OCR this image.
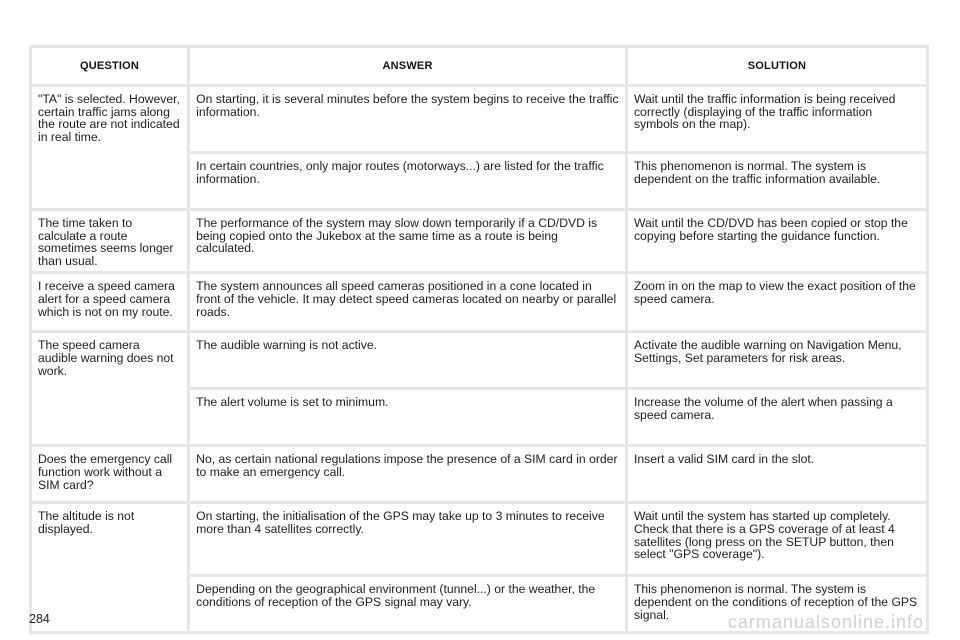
QUESTION	ANSWER	SOLUTION
"TA" is selected. However, certain traffic jams along the route are not indicated in real time.	On starting, it is several minutes before the system begins to receive the traffic information.	Wait until the traffic information is being received correctly (displaying of the traffic information symbols on the map).
	In certain countries, only major routes (motorways...) are listed for the traffic information.	This phenomenon is normal. The system is dependent on the traffic information available.
The time taken to calculate a route sometimes seems longer than usual.	The performance of the system may slow down temporarily if a CD/DVD is being copied onto the Jukebox at the same time as a route is being calculated.	Wait until the CD/DVD has been copied or stop the copying before starting the guidance function.
I receive a speed camera alert for a speed camera which is not on my route.	The system announces all speed cameras positioned in a cone located in front of the vehicle. It may detect speed cameras located on nearby or parallel roads.	Zoom in on the map to view the exact position of the speed camera.
The speed camera audible warning does not work.	The audible warning is not active.	Activate the audible warning on Navigation Menu, Settings, Set parameters for risk areas.
	The alert volume is set to minimum.	Increase the volume of the alert when passing a speed camera.
Does the emergency call function work without a SIM card?	No, as certain national regulations impose the presence of a SIM card in order to make an emergency call.	Insert a valid SIM card in the slot.
The altitude is not displayed.	On starting, the initialisation of the GPS may take up to 3 minutes to receive more than 4 satellites correctly.	Wait until the system has started up completely. Check that there is a GPS coverage of at least 4 satellites (long press on the SETUP button, then select "GPS coverage").
	Depending on the geographical environment (tunnel...) or the weather, the conditions of reception of the GPS signal may vary.	This phenomenon is normal. The system is dependent on the conditions of reception of the GPS signal.
284	carmanualsonline.info
